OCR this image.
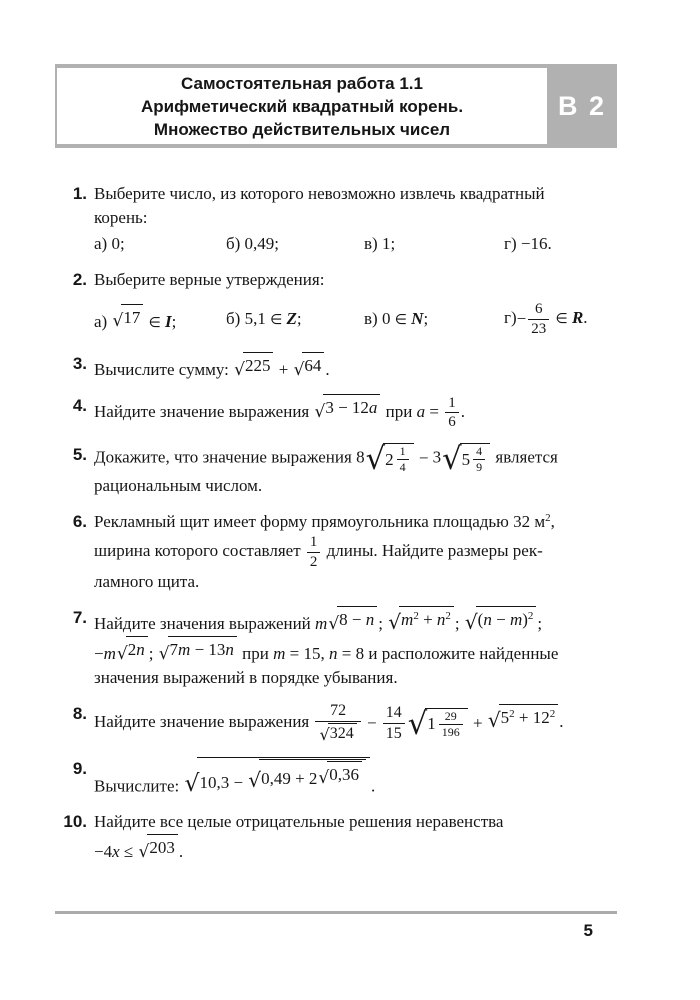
Самостоятельная работа 1.1
Арифметический квадратный корень.
Множество действительных чисел
В 2
1. Выберите число, из которого невозможно извлечь квадратный
корень:
а) 0;	б) 0,49;	в) 1;	г) −16.
2. Выберите верные утверждения:
а) √ 17 ∈ I;	б) 5,1 ∈ Z;	в) 0 ∈ N;	$г)- \frac{6}{23}$ ∈ R.
3. Вычислите сумму: √ 225 + √ 64 .
4. Найдите значение выражения √ 3 − 12a при $a = \frac{1}{6}$ .
5. Докажите, что значение выражения 8 √ $2 \frac{1}{4} - 3$ √ $5 \frac{4}{9}$ является
рациональным числом.
6. Рекламный щит имеет форму прямоугольника площадью 32 $м^2$,
ширина которого составляет $\frac{1}{2}$ длины. Найдите размеры рек-
ламного щита.
7. Найдите значения выражений m √ 8 − n ; √ $m^2 + n^2$ ; √ $(n - m)^2$ ;
−m √ 2n ; √ 7m − 13n при m = 15, n = 8 и расположите найденные
значения выражений в порядке убывания.
8. Найдите значение выражения $\frac{72}{√ 324} - \frac{14}{15}$ √ $1 \frac{29}{196}$ + √ $5^2 + 12^2$ .
9.
Вычислите: √ 10,3 − √ 0,49 + 2 √ 0,36
.
10. Найдите все целые отрицательные решения неравенства
−4x ≤ √ 203 .
5
